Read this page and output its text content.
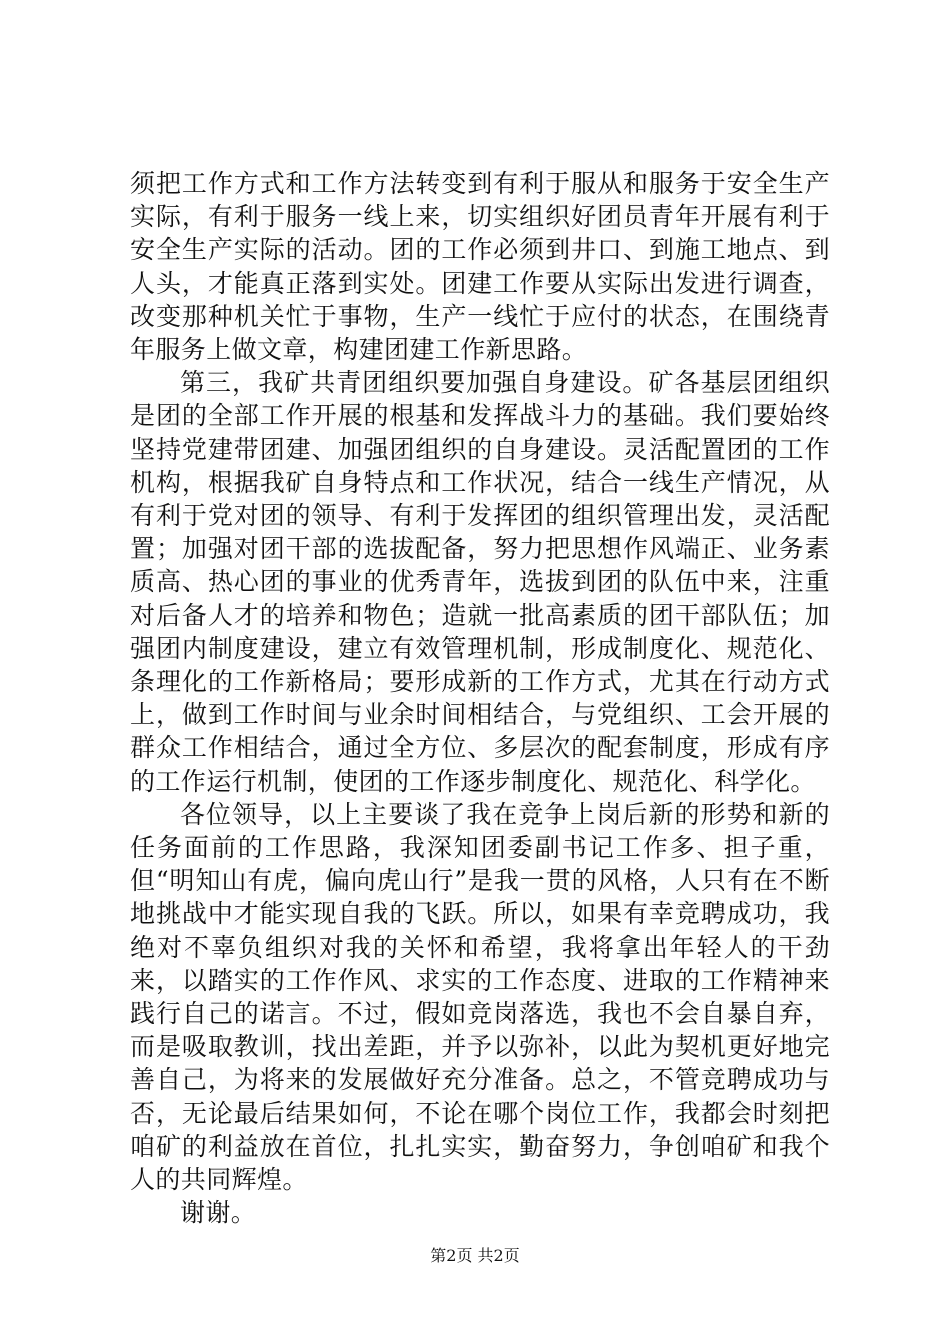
须把工作方式和工作方法转变到有利于服从和服务于安全生产实际，有利于服务一线上来，切实组织好团员青年开展有利于安全生产实际的活动。团的工作必须到井口、到施工地点、到人头，才能真正落到实处。团建工作要从实际出发进行调查，改变那种机关忙于事物，生产一线忙于应付的状态，在围绕青年服务上做文章，构建团建工作新思路。

第三，我矿共青团组织要加强自身建设。矿各基层团组织是团的全部工作开展的根基和发挥战斗力的基础。我们要始终坚持党建带团建、加强团组织的自身建设。灵活配置团的工作机构，根据我矿自身特点和工作状况，结合一线生产情况，从有利于党对团的领导、有利于发挥团的组织管理出发，灵活配置；加强对团干部的选拔配备，努力把思想作风端正、业务素质高、热心团的事业的优秀青年，选拔到团的队伍中来，注重对后备人才的培养和物色；造就一批高素质的团干部队伍；加强团内制度建设，建立有效管理机制，形成制度化、规范化、条理化的工作新格局；要形成新的工作方式，尤其在行动方式上，做到工作时间与业余时间相结合，与党组织、工会开展的群众工作相结合，通过全方位、多层次的配套制度，形成有序的工作运行机制，使团的工作逐步制度化、规范化、科学化。

各位领导，以上主要谈了我在竞争上岗后新的形势和新的任务面前的工作思路，我深知团委副书记工作多、担子重，但“明知山有虎，偏向虎山行”是我一贯的风格，人只有在不断地挑战中才能实现自我的飞跃。所以，如果有幸竞聘成功，我绝对不辜负组织对我的关怀和希望，我将拿出年轻人的干劲来，以踏实的工作作风、求实的工作态度、进取的工作精神来践行自己的诺言。不过，假如竞岗落选，我也不会自暴自弃，而是吸取教训，找出差距，并予以弥补，以此为契机更好地完善自己，为将来的发展做好充分准备。总之，不管竞聘成功与否，无论最后结果如何，不论在哪个岗位工作，我都会时刻把咱矿的利益放在首位，扎扎实实，勤奋努力，争创咱矿和我个人的共同辉煌。

谢谢。

第2页 共2页
